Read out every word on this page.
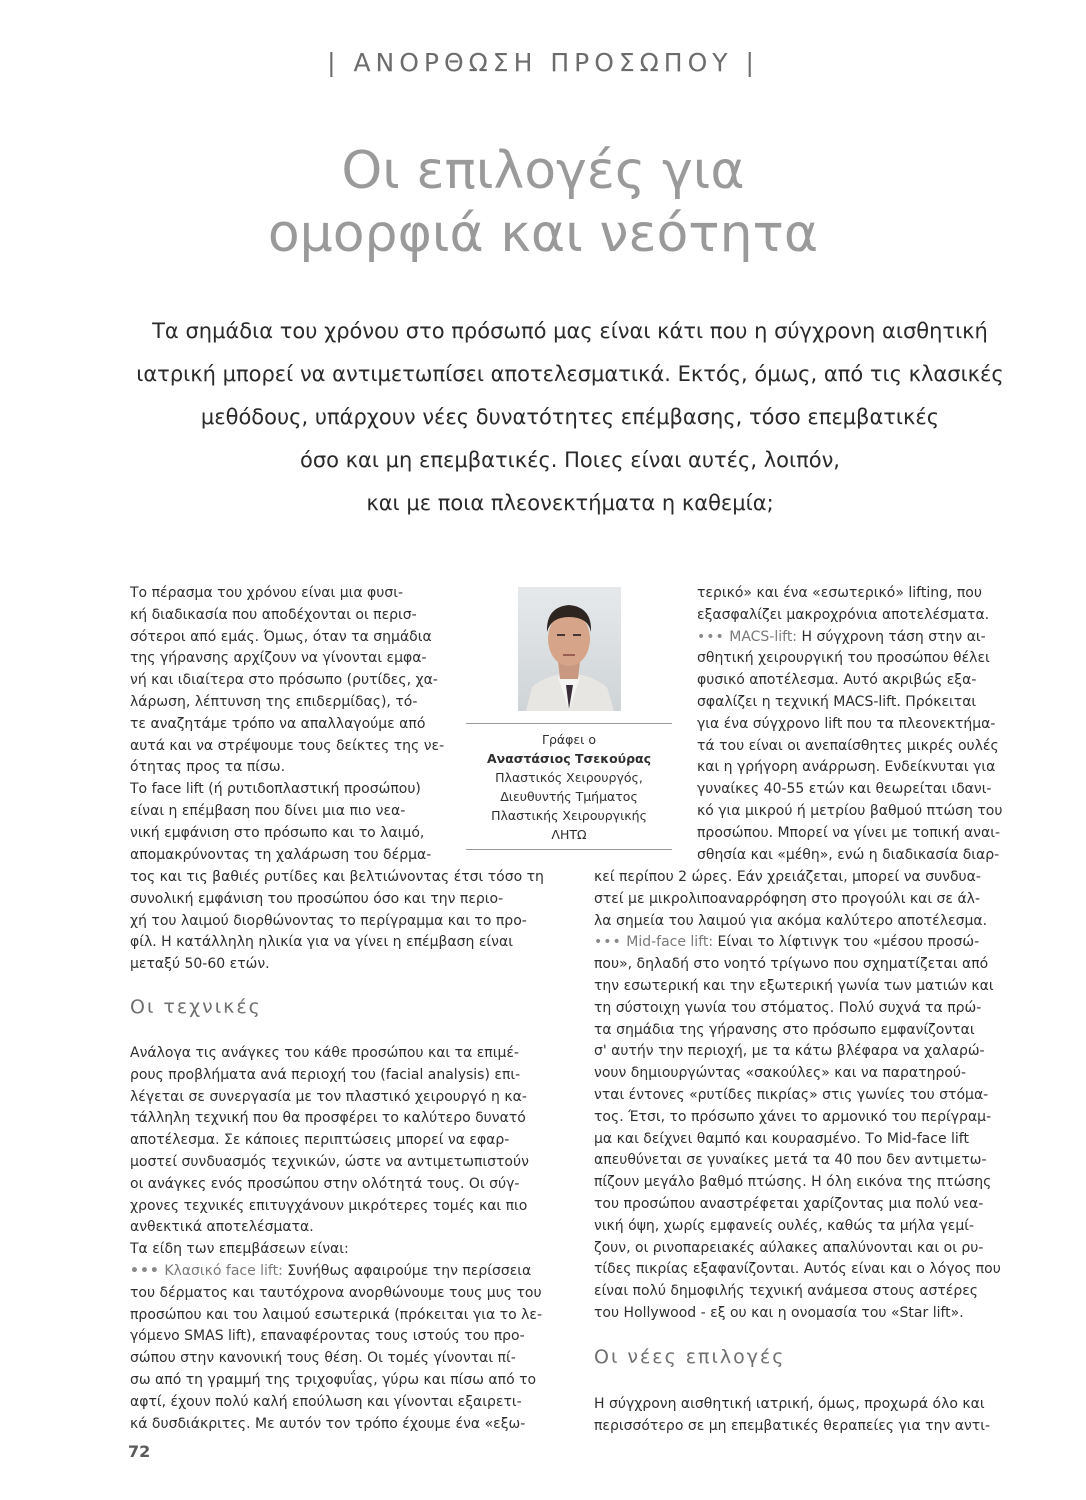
| ΑΝΟΡΘΩΣΗ ΠΡΟΣΩΠΟΥ |
Οι επιλογές για
ομορφιά και νεότητα
Τα σημάδια του χρόνου στο πρόσωπό μας είναι κάτι που η σύγχρονη αισθητική
ιατρική μπορεί να αντιμετωπίσει αποτελεσματικά. Εκτός, όμως, από τις κλασικές
μεθόδους, υπάρχουν νέες δυνατότητες επέμβασης, τόσο επεμβατικές
όσο και μη επεμβατικές. Ποιες είναι αυτές, λοιπόν,
και με ποια πλεονεκτήματα η καθεμία;
Γράφει ο
Αναστάσιος Τσεκούρας
Πλαστικός Χειρουργός,
Διευθυντής Τμήματος
Πλαστικής Χειρουργικής
ΛΗΤΩ
Το πέρασμα του χρόνου είναι μια φυσι-
κή διαδικασία που αποδέχονται οι περισ-
σότεροι από εμάς. Όμως, όταν τα σημάδια
της γήρανσης αρχίζουν να γίνονται εμφα-
νή και ιδιαίτερα στο πρόσωπο (ρυτίδες, χα-
λάρωση, λέπτυνση της επιδερμίδας), τό-
τε αναζητάμε τρόπο να απαλλαγούμε από
αυτά και να στρέψουμε τους δείκτες της νε-
ότητας προς τα πίσω.
Το face lift (ή ρυτιδοπλαστική προσώπου)
είναι η επέμβαση που δίνει μια πιο νεα-
νική εμφάνιση στο πρόσωπο και το λαιμό,
απομακρύνοντας τη χαλάρωση του δέρμα-
τος και τις βαθιές ρυτίδες και βελτιώνοντας έτσι τόσο τη
συνολική εμφάνιση του προσώπου όσο και την περιο-
χή του λαιμού διορθώνοντας το περίγραμμα και το προ-
φίλ. Η κατάλληλη ηλικία για να γίνει η επέμβαση είναι
μεταξύ 50-60 ετών.
Οι τεχνικές
Ανάλογα τις ανάγκες του κάθε προσώπου και τα επιμέ-
ρους προβλήματα ανά περιοχή του (facial analysis) επι-
λέγεται σε συνεργασία με τον πλαστικό χειρουργό η κα-
τάλληλη τεχνική που θα προσφέρει το καλύτερο δυνατό
αποτέλεσμα. Σε κάποιες περιπτώσεις μπορεί να εφαρ-
μοστεί συνδυασμός τεχνικών, ώστε να αντιμετωπιστούν
οι ανάγκες ενός προσώπου στην ολότητά τους. Οι σύγ-
χρονες τεχνικές επιτυγχάνουν μικρότερες τομές και πιο
ανθεκτικά αποτελέσματα.
Τα είδη των επεμβάσεων είναι:
••• Κλασικό face lift: Συνήθως αφαιρούμε την περίσσεια
του δέρματος και ταυτόχρονα ανορθώνουμε τους μυς του
προσώπου και του λαιμού εσωτερικά (πρόκειται για το λε-
γόμενο SMAS lift), επαναφέροντας τους ιστούς του προ-
σώπου στην κανονική τους θέση. Οι τομές γίνονται πί-
σω από τη γραμμή της τριχοφυΐας, γύρω και πίσω από το
αφτί, έχουν πολύ καλή επούλωση και γίνονται εξαιρετι-
κά δυσδιάκριτες. Με αυτόν τον τρόπο έχουμε ένα «εξω-
τερικό» και ένα «εσωτερικό» lifting, που
εξασφαλίζει μακροχρόνια αποτελέσματα.
••• MACS-lift: Η σύγχρονη τάση στην αι-
σθητική χειρουργική του προσώπου θέλει
φυσικό αποτέλεσμα. Αυτό ακριβώς εξα-
σφαλίζει η τεχνική MACS-lift. Πρόκειται
για ένα σύγχρονο lift που τα πλεονεκτήμα-
τά του είναι οι ανεπαίσθητες μικρές ουλές
και η γρήγορη ανάρρωση. Ενδείκνυται για
γυναίκες 40-55 ετών και θεωρείται ιδανι-
κό για μικρού ή μετρίου βαθμού πτώση του
προσώπου. Μπορεί να γίνει με τοπική αναι-
σθησία και «μέθη», ενώ η διαδικασία διαρ-
κεί περίπου 2 ώρες. Εάν χρειάζεται, μπορεί να συνδυα-
στεί με μικρολιποαναρρόφηση στο προγούλι και σε άλ-
λα σημεία του λαιμού για ακόμα καλύτερο αποτέλεσμα.
••• Mid-face lift: Είναι το λίφτινγκ του «μέσου προσώ-
που», δηλαδή στο νοητό τρίγωνο που σχηματίζεται από
την εσωτερική και την εξωτερική γωνία των ματιών και
τη σύστοιχη γωνία του στόματος. Πολύ συχνά τα πρώ-
τα σημάδια της γήρανσης στο πρόσωπο εμφανίζονται
σ' αυτήν την περιοχή, με τα κάτω βλέφαρα να χαλαρώ-
νουν δημιουργώντας «σακούλες» και να παρατηρού-
νται έντονες «ρυτίδες πικρίας» στις γωνίες του στόμα-
τος. Έτσι, το πρόσωπο χάνει το αρμονικό του περίγραμ-
μα και δείχνει θαμπό και κουρασμένο. Το Mid-face lift
απευθύνεται σε γυναίκες μετά τα 40 που δεν αντιμετω-
πίζουν μεγάλο βαθμό πτώσης. Η όλη εικόνα της πτώσης
του προσώπου αναστρέφεται χαρίζοντας μια πολύ νεα-
νική όψη, χωρίς εμφανείς ουλές, καθώς τα μήλα γεμί-
ζουν, οι ρινοπαρειακές αύλακες απαλύνονται και οι ρυ-
τίδες πικρίας εξαφανίζονται. Αυτός είναι και ο λόγος που
είναι πολύ δημοφιλής τεχνική ανάμεσα στους αστέρες
του Hollywood - εξ ου και η ονομασία του «Star lift».
Οι νέες επιλογές
Η σύγχρονη αισθητική ιατρική, όμως, προχωρά όλο και
περισσότερο σε μη επεμβατικές θεραπείες για την αντι-
72
